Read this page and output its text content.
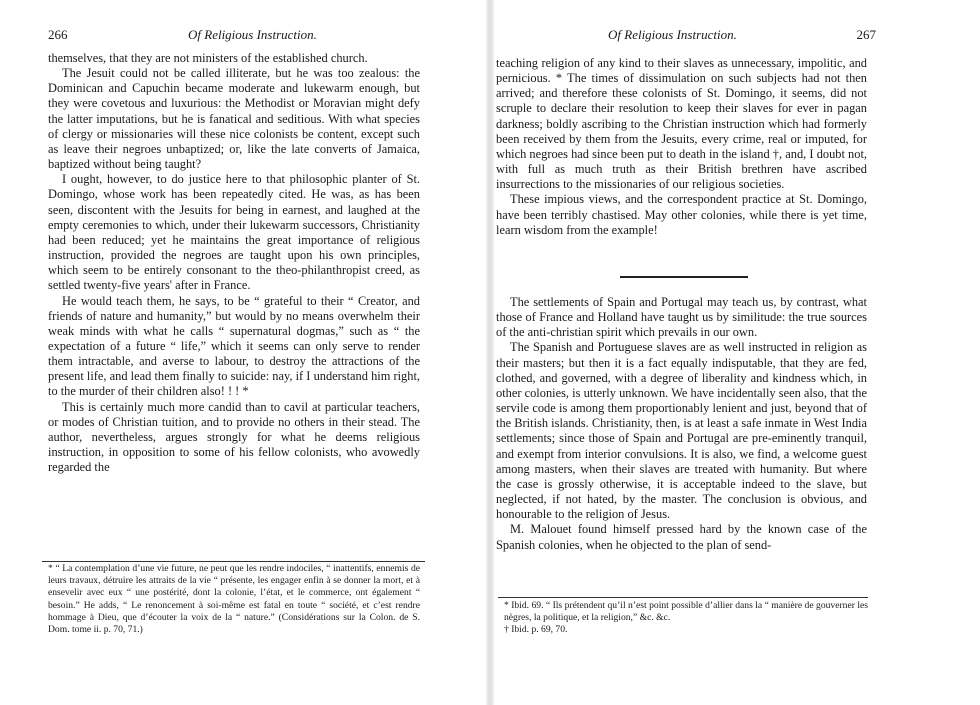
266	Of Religious Instruction.

themselves, that they are not ministers of the established church.

The Jesuit could not be called illiterate, but he was too zealous: the Dominican and Capuchin became moderate and lukewarm enough, but they were covetous and luxurious: the Methodist or Moravian might defy the latter imputations, but he is fanatical and seditious. With what species of clergy or missionaries will these nice colonists be content, except such as leave their negroes unbaptized; or, like the late converts of Jamaica, baptized without being taught?

I ought, however, to do justice here to that philosophic planter of St. Domingo, whose work has been repeatedly cited. He was, as has been seen, discontent with the Jesuits for being in earnest, and laughed at the empty ceremonies to which, under their lukewarm successors, Christianity had been reduced; yet he maintains the great importance of religious instruction, provided the negroes are taught upon his own principles, which seem to be entirely consonant to the theo-philanthropist creed, as settled twenty-five years' after in France.

He would teach them, he says, to be “ grateful to their “ Creator, and friends of nature and humanity,” but would by no means overwhelm their weak minds with what he calls “ supernatural dogmas,” such as “ the expectation of a future “ life,” which it seems can only serve to render them intractable, and averse to labour, to destroy the attractions of the present life, and lead them finally to suicide: nay, if I understand him right, to the murder of their children also! ! ! *

This is certainly much more candid than to cavil at particular teachers, or modes of Christian tuition, and to provide no others in their stead. The author, nevertheless, argues strongly for what he deems religious instruction, in opposition to some of his fellow colonists, who avowedly regarded the

* “ La contemplation d’une vie future, ne peut que les rendre indociles, “ inattentifs, ennemis de leurs travaux, détruire les attraits de la vie “ présente, les engager enfin à se donner la mort, et à ensevelir avec eux “ une postérité, dont la colonie, l’état, et le commerce, ont également “ besoin.” He adds, “ Le renoncement à soi-même est fatal en toute “ société, et c’est rendre hommage à Dieu, que d’écouter la voix de la “ nature.” (Considérations sur la Colon. de S. Dom. tome ii. p. 70, 71.)

Of Religious Instruction.	267

teaching religion of any kind to their slaves as unnecessary, impolitic, and pernicious. * The times of dissimulation on such subjects had not then arrived; and therefore these colonists of St. Domingo, it seems, did not scruple to declare their resolution to keep their slaves for ever in pagan darkness; boldly ascribing to the Christian instruction which had formerly been received by them from the Jesuits, every crime, real or imputed, for which negroes had since been put to death in the island †, and, I doubt not, with full as much truth as their British brethren have ascribed insurrections to the missionaries of our religious societies.

These impious views, and the correspondent practice at St. Domingo, have been terribly chastised. May other colonies, while there is yet time, learn wisdom from the example!

The settlements of Spain and Portugal may teach us, by contrast, what those of France and Holland have taught us by similitude: the true sources of the anti-christian spirit which prevails in our own.

The Spanish and Portuguese slaves are as well instructed in religion as their masters; but then it is a fact equally indisputable, that they are fed, clothed, and governed, with a degree of liberality and kindness which, in other colonies, is utterly unknown. We have incidentally seen also, that the servile code is among them proportionably lenient and just, beyond that of the British islands. Christianity, then, is at least a safe inmate in West India settlements; since those of Spain and Portugal are pre-eminently tranquil, and exempt from interior convulsions. It is also, we find, a welcome guest among masters, when their slaves are treated with humanity. But where the case is grossly otherwise, it is acceptable indeed to the slave, but neglected, if not hated, by the master. The conclusion is obvious, and honourable to the religion of Jesus.

M. Malouet found himself pressed hard by the known case of the Spanish colonies, when he objected to the plan of send-

* Ibid. 69. “ Ils prétendent qu’il n’est point possible d’allier dans la “ manière de gouverner les nègres, la politique, et la religion,” &c. &c.

† Ibid. p. 69, 70.
